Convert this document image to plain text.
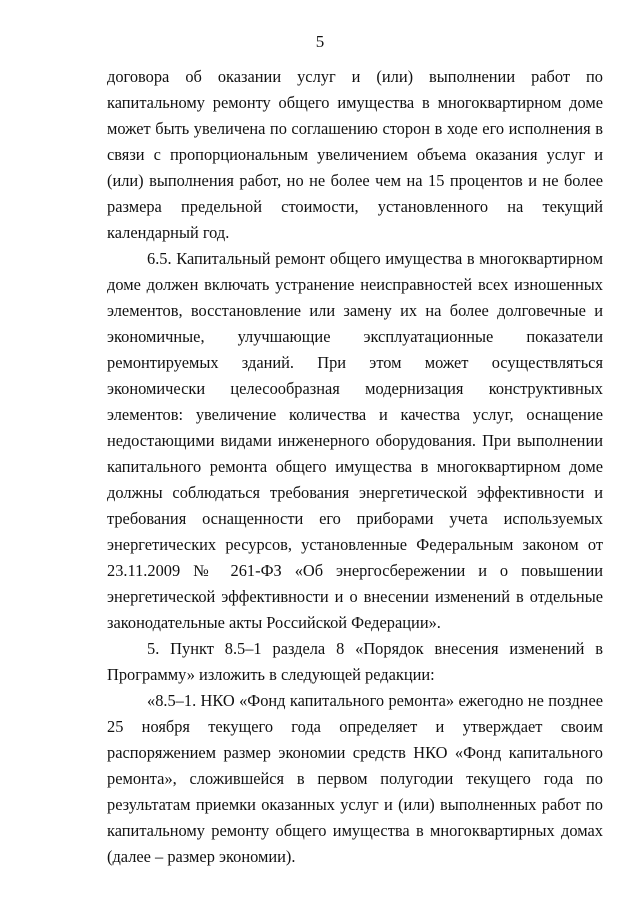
5

договора об оказании услуг и (или) выполнении работ по капитальному ремонту общего имущества в многоквартирном доме может быть увеличена по соглашению сторон в ходе его исполнения в связи с пропорциональным увеличением объема оказания услуг и (или) выполнения работ, но не более чем на 15 процентов и не более размера предельной стоимости, установленного на текущий календарный год.

6.5. Капитальный ремонт общего имущества в многоквартирном доме должен включать устранение неисправностей всех изношенных элементов, восстановление или замену их на более долговечные и экономичные, улучшающие эксплуатационные показатели ремонтируемых зданий. При этом может осуществляться экономически целесообразная модернизация конструктивных элементов: увеличение количества и качества услуг, оснащение недостающими видами инженерного оборудования. При выполнении капитального ремонта общего имущества в многоквартирном доме должны соблюдаться требования энергетической эффективности и требования оснащенности его приборами учета используемых энергетических ресурсов, установленные Федеральным законом от 23.11.2009 № 261-ФЗ «Об энергосбережении и о повышении энергетической эффективности и о внесении изменений в отдельные законодательные акты Российской Федерации».

5. Пункт 8.5–1 раздела 8 «Порядок внесения изменений в Программу» изложить в следующей редакции:

«8.5–1. НКО «Фонд капитального ремонта» ежегодно не позднее 25 ноября текущего года определяет и утверждает своим распоряжением размер экономии средств НКО «Фонд капитального ремонта», сложившейся в первом полугодии текущего года по результатам приемки оказанных услуг и (или) выполненных работ по капитальному ремонту общего имущества в многоквартирных домах (далее – размер экономии).
